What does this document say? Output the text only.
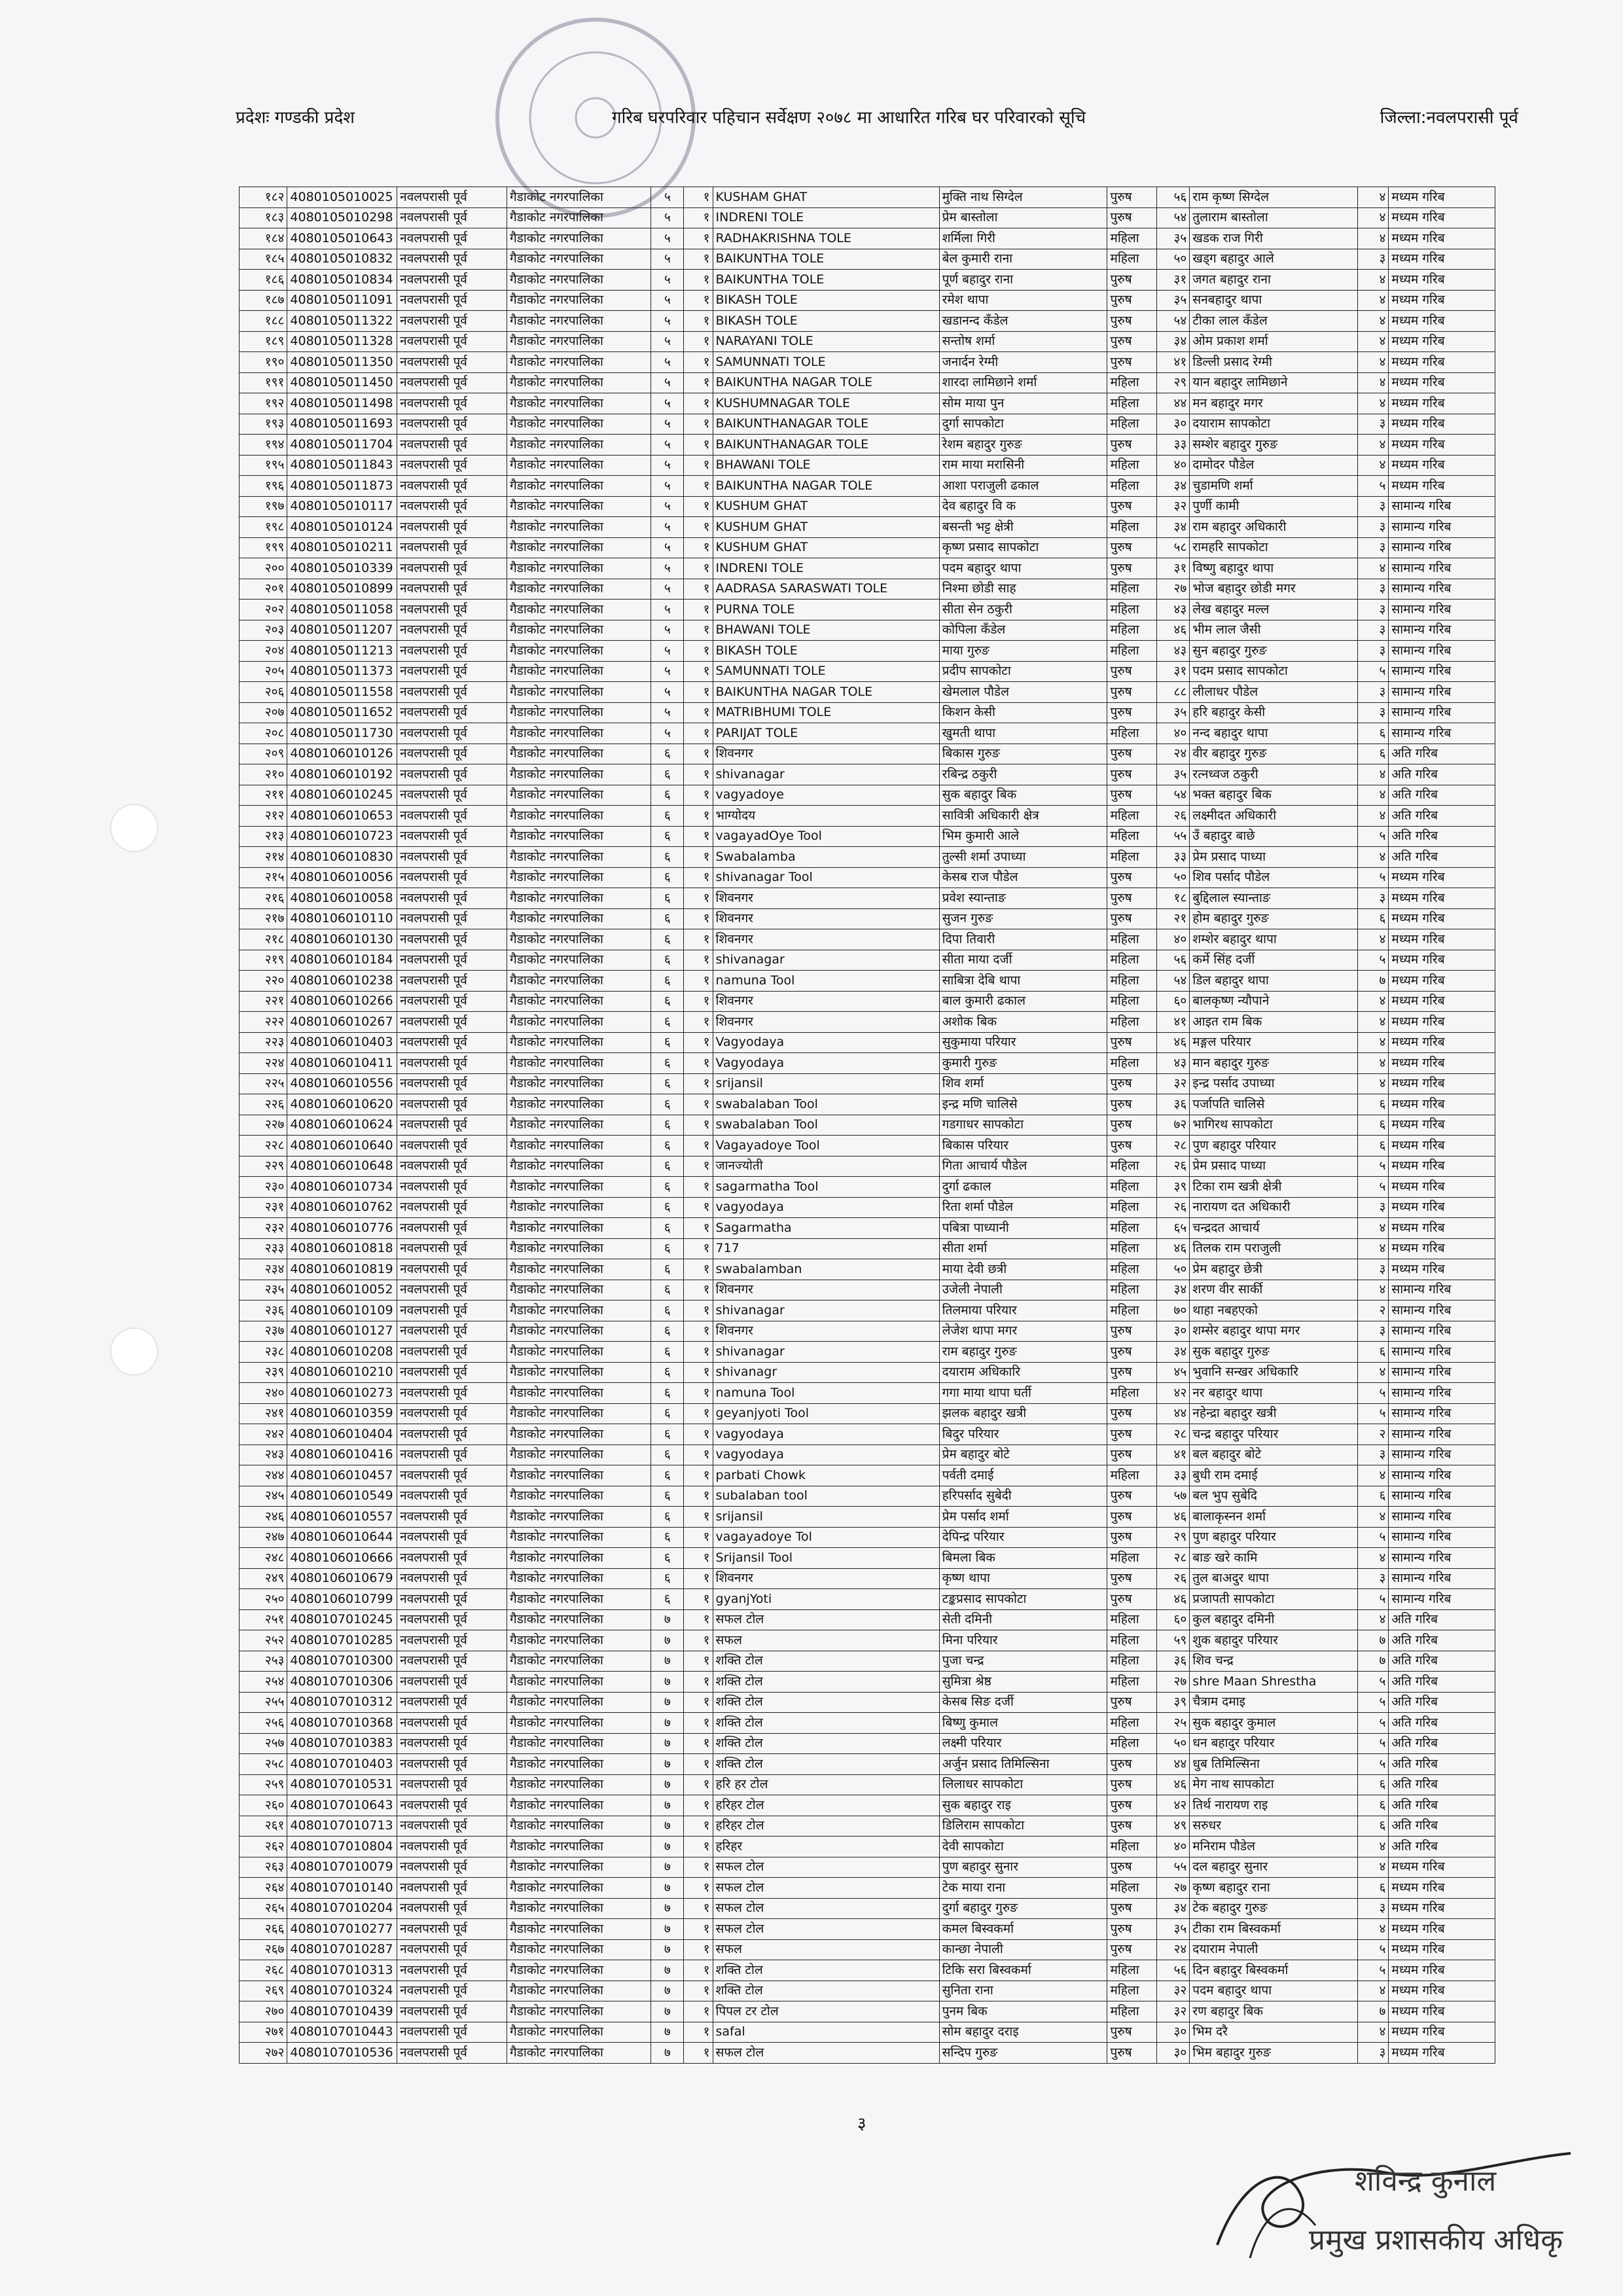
प्रदेशः गण्डकी प्रदेश	गरिब घरपरिवार पहिचान सर्वेक्षण २०७८ मा आधारित गरिब घर परिवारको सूचि	जिल्ला:नवलपरासी पूर्व
१८२	4080105010025	नवलपरासी पूर्व	गैडाकोट नगरपालिका	५	१	KUSHAM GHAT	मुक्ति नाथ सिग्देल	पुरुष	५६	राम कृष्ण सिग्देल	४	मध्यम गरिब
१८३	4080105010298	नवलपरासी पूर्व	गैडाकोट नगरपालिका	५	१	INDRENI TOLE	प्रेम बास्तोला	पुरुष	५४	तुलाराम बास्तोला	४	मध्यम गरिब
१८४	4080105010643	नवलपरासी पूर्व	गैडाकोट नगरपालिका	५	१	RADHAKRISHNA TOLE	शर्मिला गिरी	महिला	३५	खडक राज गिरी	४	मध्यम गरिब
१८५	4080105010832	नवलपरासी पूर्व	गैडाकोट नगरपालिका	५	१	BAIKUNTHA TOLE	बेल कुमारी राना	महिला	५०	खड्ग बहादुर आले	३	मध्यम गरिब
१८६	4080105010834	नवलपरासी पूर्व	गैडाकोट नगरपालिका	५	१	BAIKUNTHA TOLE	पूर्ण बहादुर राना	पुरुष	३१	जगत बहादुर राना	४	मध्यम गरिब
१८७	4080105011091	नवलपरासी पूर्व	गैडाकोट नगरपालिका	५	१	BIKASH TOLE	रमेश थापा	पुरुष	३५	सनबहादुर थापा	४	मध्यम गरिब
१८८	4080105011322	नवलपरासी पूर्व	गैडाकोट नगरपालिका	५	१	BIKASH TOLE	खडानन्द कँडेल	पुरुष	५४	टीका लाल कँडेल	४	मध्यम गरिब
१८९	4080105011328	नवलपरासी पूर्व	गैडाकोट नगरपालिका	५	१	NARAYANI TOLE	सन्तोष शर्मा	पुरुष	३४	ओम प्रकाश शर्मा	४	मध्यम गरिब
१९०	4080105011350	नवलपरासी पूर्व	गैडाकोट नगरपालिका	५	१	SAMUNNATI TOLE	जनार्दन रेग्मी	पुरुष	४१	डिल्ली प्रसाद रेग्मी	४	मध्यम गरिब
१९१	4080105011450	नवलपरासी पूर्व	गैडाकोट नगरपालिका	५	१	BAIKUNTHA NAGAR TOLE	शारदा लामिछाने शर्मा	महिला	२९	यान बहादुर लामिछाने	४	मध्यम गरिब
१९२	4080105011498	नवलपरासी पूर्व	गैडाकोट नगरपालिका	५	१	KUSHUMNAGAR TOLE	सोम माया पुन	महिला	४४	मन बहादुर मगर	४	मध्यम गरिब
१९३	4080105011693	नवलपरासी पूर्व	गैडाकोट नगरपालिका	५	१	BAIKUNTHANAGAR TOLE	दुर्गा सापकोटा	महिला	३०	दयाराम सापकोटा	३	मध्यम गरिब
१९४	4080105011704	नवलपरासी पूर्व	गैडाकोट नगरपालिका	५	१	BAIKUNTHANAGAR TOLE	रेशम बहादुर गुरुङ	पुरुष	३३	सम्शेर बहादुर गुरुङ	४	मध्यम गरिब
१९५	4080105011843	नवलपरासी पूर्व	गैडाकोट नगरपालिका	५	१	BHAWANI TOLE	राम माया मरासिनी	महिला	४०	दामोदर पौडेल	४	मध्यम गरिब
१९६	4080105011873	नवलपरासी पूर्व	गैडाकोट नगरपालिका	५	१	BAIKUNTHA NAGAR TOLE	आशा पराजुली ढकाल	महिला	३४	चुडामणि शर्मा	५	मध्यम गरिब
१९७	4080105010117	नवलपरासी पूर्व	गैडाकोट नगरपालिका	५	१	KUSHUM GHAT	देव बहादुर वि क	पुरुष	३२	पुर्णी कामी	३	सामान्य गरिब
१९८	4080105010124	नवलपरासी पूर्व	गैडाकोट नगरपालिका	५	१	KUSHUM GHAT	बसन्ती भट्ट क्षेत्री	महिला	३४	राम बहादुर अधिकारी	३	सामान्य गरिब
१९९	4080105010211	नवलपरासी पूर्व	गैडाकोट नगरपालिका	५	१	KUSHUM GHAT	कृष्ण प्रसाद सापकोटा	पुरुष	५८	रामहरि सापकोटा	३	सामान्य गरिब
२००	4080105010339	नवलपरासी पूर्व	गैडाकोट नगरपालिका	५	१	INDRENI TOLE	पदम बहादुर थापा	पुरुष	३१	विष्णु बहादुर थापा	४	सामान्य गरिब
२०१	4080105010899	नवलपरासी पूर्व	गैडाकोट नगरपालिका	५	१	AADRASA SARASWATI TOLE	निश्मा छोडी साह	महिला	२७	भोज बहादुर छोडी मगर	३	सामान्य गरिब
२०२	4080105011058	नवलपरासी पूर्व	गैडाकोट नगरपालिका	५	१	PURNA TOLE	सीता सेन ठकुरी	महिला	४३	लेख बहादुर मल्ल	३	सामान्य गरिब
२०३	4080105011207	नवलपरासी पूर्व	गैडाकोट नगरपालिका	५	१	BHAWANI TOLE	कोपिला कँडेल	महिला	४६	भीम लाल जैसी	३	सामान्य गरिब
२०४	4080105011213	नवलपरासी पूर्व	गैडाकोट नगरपालिका	५	१	BIKASH TOLE	माया गुरुङ	महिला	४३	सुन बहादुर गुरुङ	३	सामान्य गरिब
२०५	4080105011373	नवलपरासी पूर्व	गैडाकोट नगरपालिका	५	१	SAMUNNATI TOLE	प्रदीप सापकोटा	पुरुष	३१	पदम प्रसाद सापकोटा	५	सामान्य गरिब
२०६	4080105011558	नवलपरासी पूर्व	गैडाकोट नगरपालिका	५	१	BAIKUNTHA NAGAR TOLE	खेमलाल पौडेल	पुरुष	८८	लीलाधर पौडेल	३	सामान्य गरिब
२०७	4080105011652	नवलपरासी पूर्व	गैडाकोट नगरपालिका	५	१	MATRIBHUMI TOLE	किशन केसी	पुरुष	३५	हरि बहादुर केसी	३	सामान्य गरिब
२०८	4080105011730	नवलपरासी पूर्व	गैडाकोट नगरपालिका	५	१	PARIJAT TOLE	खुमती थापा	महिला	४०	नन्द बहादुर थापा	६	सामान्य गरिब
२०९	4080106010126	नवलपरासी पूर्व	गैडाकोट नगरपालिका	६	१	शिवनगर	बिकास गुरुङ	पुरुष	२४	वीर बहादुर गुरुङ	६	अति गरिब
२१०	4080106010192	नवलपरासी पूर्व	गैडाकोट नगरपालिका	६	१	shivanagar	रबिन्द्र ठकुरी	पुरुष	३५	रत्नध्वज ठकुरी	४	अति गरिब
२११	4080106010245	नवलपरासी पूर्व	गैडाकोट नगरपालिका	६	१	vagyadoye	सुक बहादुर बिक	पुरुष	५४	भक्त बहादुर बिक	४	अति गरिब
२१२	4080106010653	नवलपरासी पूर्व	गैडाकोट नगरपालिका	६	१	भाग्योदय	सावित्री अधिकारी क्षेत्र	महिला	२६	लक्ष्मीदत अधिकारी	४	अति गरिब
२१३	4080106010723	नवलपरासी पूर्व	गैडाकोट नगरपालिका	६	१	vagayadOye Tool	भिम कुमारी आले	महिला	५५	उँ बहादुर बाछे	५	अति गरिब
२१४	4080106010830	नवलपरासी पूर्व	गैडाकोट नगरपालिका	६	१	Swabalamba	तुल्सी शर्मा उपाध्या	महिला	३३	प्रेम प्रसाद पाध्या	४	अति गरिब
२१५	4080106010056	नवलपरासी पूर्व	गैडाकोट नगरपालिका	६	१	shivanagar Tool	केसब राज पौडेल	पुरुष	५०	शिव पर्साद पौडेल	५	मध्यम गरिब
२१६	4080106010058	नवलपरासी पूर्व	गैडाकोट नगरपालिका	६	१	शिवनगर	प्रवेश स्यान्ताङ	पुरुष	१८	बुद्दिलाल स्यान्ताङ	३	मध्यम गरिब
२१७	4080106010110	नवलपरासी पूर्व	गैडाकोट नगरपालिका	६	१	शिवनगर	सुजन गुरुङ	पुरुष	२१	होम बहादुर गुरुङ	६	मध्यम गरिब
२१८	4080106010130	नवलपरासी पूर्व	गैडाकोट नगरपालिका	६	१	शिवनगर	दिपा तिवारी	महिला	४०	शम्शेर बहादुर थापा	४	मध्यम गरिब
२१९	4080106010184	नवलपरासी पूर्व	गैडाकोट नगरपालिका	६	१	shivanagar	सीता माया दर्जी	महिला	५६	कर्मे सिंह दर्जी	५	मध्यम गरिब
२२०	4080106010238	नवलपरासी पूर्व	गैडाकोट नगरपालिका	६	१	namuna Tool	साबित्रा देबि थापा	महिला	५४	डिल बहादुर थापा	७	मध्यम गरिब
२२१	4080106010266	नवलपरासी पूर्व	गैडाकोट नगरपालिका	६	१	शिवनगर	बाल कुमारी ढकाल	महिला	६०	बालकृष्ण न्यौपाने	४	मध्यम गरिब
२२२	4080106010267	नवलपरासी पूर्व	गैडाकोट नगरपालिका	६	१	शिवनगर	अशोक बिक	महिला	४१	आइत राम बिक	४	मध्यम गरिब
२२३	4080106010403	नवलपरासी पूर्व	गैडाकोट नगरपालिका	६	१	Vagyodaya	सुकुमाया परियार	पुरुष	४६	मङ्गल परियार	४	मध्यम गरिब
२२४	4080106010411	नवलपरासी पूर्व	गैडाकोट नगरपालिका	६	१	Vagyodaya	कुमारी गुरुङ	महिला	४३	मान बहादुर गुरुङ	४	मध्यम गरिब
२२५	4080106010556	नवलपरासी पूर्व	गैडाकोट नगरपालिका	६	१	srijansil	शिव शर्मा	पुरुष	३२	इन्द्र पर्साद उपाध्या	४	मध्यम गरिब
२२६	4080106010620	नवलपरासी पूर्व	गैडाकोट नगरपालिका	६	१	swabalaban Tool	इन्द्र मणि चालिसे	पुरुष	३६	पर्जापति चालिसे	६	मध्यम गरिब
२२७	4080106010624	नवलपरासी पूर्व	गैडाकोट नगरपालिका	६	१	swabalaban Tool	गडगाधर सापकोटा	पुरुष	७२	भागिरथ सापकोटा	६	मध्यम गरिब
२२८	4080106010640	नवलपरासी पूर्व	गैडाकोट नगरपालिका	६	१	Vagayadoye Tool	बिकास परियार	पुरुष	२८	पुण बहादुर परियार	६	मध्यम गरिब
२२९	4080106010648	नवलपरासी पूर्व	गैडाकोट नगरपालिका	६	१	जानज्योती	गिता आचार्य पौडेल	महिला	२६	प्रेम प्रसाद पाध्या	५	मध्यम गरिब
२३०	4080106010734	नवलपरासी पूर्व	गैडाकोट नगरपालिका	६	१	sagarmatha Tool	दुर्गा ढकाल	महिला	३९	टिका राम खत्री क्षेत्री	५	मध्यम गरिब
२३१	4080106010762	नवलपरासी पूर्व	गैडाकोट नगरपालिका	६	१	vagyodaya	रिता शर्मा पौडेल	महिला	२६	नारायण दत अधिकारी	३	मध्यम गरिब
२३२	4080106010776	नवलपरासी पूर्व	गैडाकोट नगरपालिका	६	१	Sagarmatha	पबित्रा पाध्यानी	महिला	६५	चन्द्रदत आचार्य	४	मध्यम गरिब
२३३	4080106010818	नवलपरासी पूर्व	गैडाकोट नगरपालिका	६	१	717	सीता शर्मा	महिला	४६	तिलक राम पराजुली	४	मध्यम गरिब
२३४	4080106010819	नवलपरासी पूर्व	गैडाकोट नगरपालिका	६	१	swabalamban	माया देवी छत्री	महिला	५०	प्रेम बहादुर छेत्री	३	मध्यम गरिब
२३५	4080106010052	नवलपरासी पूर्व	गैडाकोट नगरपालिका	६	१	शिवनगर	उजेली नेपाली	महिला	३४	शरण वीर सार्की	४	सामान्य गरिब
२३६	4080106010109	नवलपरासी पूर्व	गैडाकोट नगरपालिका	६	१	shivanagar	तिलमाया परियार	महिला	७०	थाहा नबहएको	२	सामान्य गरिब
२३७	4080106010127	नवलपरासी पूर्व	गैडाकोट नगरपालिका	६	१	शिवनगर	लेजेश थापा मगर	पुरुष	३०	शम्सेर बहादुर थापा मगर	३	सामान्य गरिब
२३८	4080106010208	नवलपरासी पूर्व	गैडाकोट नगरपालिका	६	१	shivanagar	राम बहादुर गुरुङ	पुरुष	३४	सुक बहादुर गुरुङ	६	सामान्य गरिब
२३९	4080106010210	नवलपरासी पूर्व	गैडाकोट नगरपालिका	६	१	shivanagr	दयाराम अधिकारि	पुरुष	४५	भुवानि सन्खर अधिकारि	४	सामान्य गरिब
२४०	4080106010273	नवलपरासी पूर्व	गैडाकोट नगरपालिका	६	१	namuna Tool	गगा माया थापा घर्ती	महिला	४२	नर बहादुर थापा	५	सामान्य गरिब
२४१	4080106010359	नवलपरासी पूर्व	गैडाकोट नगरपालिका	६	१	geyanjyoti Tool	झलक बहादुर खत्री	पुरुष	४४	नहेन्द्रा बहादुर खत्री	५	सामान्य गरिब
२४२	4080106010404	नवलपरासी पूर्व	गैडाकोट नगरपालिका	६	१	vagyodaya	बिदुर परियार	पुरुष	२८	चन्द्र बहादुर परियार	२	सामान्य गरिब
२४३	4080106010416	नवलपरासी पूर्व	गैडाकोट नगरपालिका	६	१	vagyodaya	प्रेम बहादुर बोटे	पुरुष	४१	बल बहादुर बोटे	३	सामान्य गरिब
२४४	4080106010457	नवलपरासी पूर्व	गैडाकोट नगरपालिका	६	१	parbati Chowk	पर्वती दमाई	महिला	३३	बुधी राम दमाई	४	सामान्य गरिब
२४५	4080106010549	नवलपरासी पूर्व	गैडाकोट नगरपालिका	६	१	subalaban tool	हरिपर्साद सुबेदी	पुरुष	५७	बल भुप सुबेदि	६	सामान्य गरिब
२४६	4080106010557	नवलपरासी पूर्व	गैडाकोट नगरपालिका	६	१	srijansil	प्रेम पर्साद शर्मा	पुरुष	४६	बालाकृस्नन शर्मा	४	सामान्य गरिब
२४७	4080106010644	नवलपरासी पूर्व	गैडाकोट नगरपालिका	६	१	vagayadoye Tol	देपिन्द्र परियार	पुरुष	२९	पुण बहादुर परियार	५	सामान्य गरिब
२४८	4080106010666	नवलपरासी पूर्व	गैडाकोट नगरपालिका	६	१	Srijansil Tool	बिमला बिक	महिला	२८	बाङ खरे कामि	४	सामान्य गरिब
२४९	4080106010679	नवलपरासी पूर्व	गैडाकोट नगरपालिका	६	१	शिवनगर	कृष्ण थापा	पुरुष	२६	तुल बाअदुर थापा	३	सामान्य गरिब
२५०	4080106010799	नवलपरासी पूर्व	गैडाकोट नगरपालिका	६	१	gyanjYoti	टङ्कप्रसाद सापकोटा	पुरुष	४६	प्रजापती सापकोटा	५	सामान्य गरिब
२५१	4080107010245	नवलपरासी पूर्व	गैडाकोट नगरपालिका	७	१	सफल टोल	सेती दमिनी	महिला	६०	कुल बहादुर दमिनी	४	अति गरिब
२५२	4080107010285	नवलपरासी पूर्व	गैडाकोट नगरपालिका	७	१	सफल	मिना परियार	महिला	५९	शुक बहादुर परियार	७	अति गरिब
२५३	4080107010300	नवलपरासी पूर्व	गैडाकोट नगरपालिका	७	१	शक्ति टोल	पुजा चन्द्र	महिला	३६	शिव चन्द्र	७	अति गरिब
२५४	4080107010306	नवलपरासी पूर्व	गैडाकोट नगरपालिका	७	१	शक्ति टोल	सुमित्रा श्रेष्ठ	महिला	२७	shre Maan Shrestha	५	अति गरिब
२५५	4080107010312	नवलपरासी पूर्व	गैडाकोट नगरपालिका	७	१	शक्ति टोल	केसब सिङ दर्जी	पुरुष	३९	चैत्राम दमाइ	५	अति गरिब
२५६	4080107010368	नवलपरासी पूर्व	गैडाकोट नगरपालिका	७	१	शक्ति टोल	बिष्णु कुमाल	महिला	२५	सुक बहादुर कुमाल	५	अति गरिब
२५७	4080107010383	नवलपरासी पूर्व	गैडाकोट नगरपालिका	७	१	शक्ति टोल	लक्ष्मी परियार	महिला	५०	धन बहादुर परियार	५	अति गरिब
२५८	4080107010403	नवलपरासी पूर्व	गैडाकोट नगरपालिका	७	१	शक्ति टोल	अर्जुन प्रसाद तिमिल्सिना	पुरुष	४४	धुब तिमिल्सिना	५	अति गरिब
२५९	4080107010531	नवलपरासी पूर्व	गैडाकोट नगरपालिका	७	१	हरि हर टोल	लिलाधर सापकोटा	पुरुष	४६	मेग नाथ सापकोटा	६	अति गरिब
२६०	4080107010643	नवलपरासी पूर्व	गैडाकोट नगरपालिका	७	१	हरिहर टोल	सुक बहादुर राइ	पुरुष	४२	तिर्थ नारायण राइ	६	अति गरिब
२६१	4080107010713	नवलपरासी पूर्व	गैडाकोट नगरपालिका	७	१	हरिहर टोल	डिलिराम सापकोटा	पुरुष	४९	सरुधर	६	अति गरिब
२६२	4080107010804	नवलपरासी पूर्व	गैडाकोट नगरपालिका	७	१	हरिहर	देवी सापकोटा	महिला	४०	मनिराम पौडेल	४	अति गरिब
२६३	4080107010079	नवलपरासी पूर्व	गैडाकोट नगरपालिका	७	१	सफल टोल	पुण बहादुर सुनार	पुरुष	५५	दल बहादुर सुनार	४	मध्यम गरिब
२६४	4080107010140	नवलपरासी पूर्व	गैडाकोट नगरपालिका	७	१	सफल टोल	टेक माया राना	महिला	२७	कृष्ण बहादुर राना	६	मध्यम गरिब
२६५	4080107010204	नवलपरासी पूर्व	गैडाकोट नगरपालिका	७	१	सफल टोल	दुर्गा बहादुर गुरुङ	पुरुष	३४	टेक बहादुर गुरुङ	३	मध्यम गरिब
२६६	4080107010277	नवलपरासी पूर्व	गैडाकोट नगरपालिका	७	१	सफल टोल	कमल बिस्वकर्मा	पुरुष	३५	टीका राम बिस्वकर्मा	४	मध्यम गरिब
२६७	4080107010287	नवलपरासी पूर्व	गैडाकोट नगरपालिका	७	१	सफल	कान्छा नेपाली	पुरुष	२४	दयाराम नेपाली	५	मध्यम गरिब
२६८	4080107010313	नवलपरासी पूर्व	गैडाकोट नगरपालिका	७	१	शक्ति टोल	टिकि सरा बिस्वकर्मा	महिला	५६	दिन बहादुर बिस्वकर्मा	५	मध्यम गरिब
२६९	4080107010324	नवलपरासी पूर्व	गैडाकोट नगरपालिका	७	१	शक्ति टोल	सुनिता राना	महिला	३२	पदम बहादुर थापा	४	मध्यम गरिब
२७०	4080107010439	नवलपरासी पूर्व	गैडाकोट नगरपालिका	७	१	पिपल टर टोल	पुनम बिक	महिला	३२	रण बहादुर बिक	७	मध्यम गरिब
२७१	4080107010443	नवलपरासी पूर्व	गैडाकोट नगरपालिका	७	१	safal	सोम बहादुर दराइ	पुरुष	३०	भिम दरै	४	मध्यम गरिब
२७२	4080107010536	नवलपरासी पूर्व	गैडाकोट नगरपालिका	७	१	सफल टोल	सन्दिप गुरुङ	पुरुष	३०	भिम बहादुर गुरुङ	३	मध्यम गरिब
३
शविन्द्र कुनाल
प्रमुख प्रशासकीय अधिकृ
